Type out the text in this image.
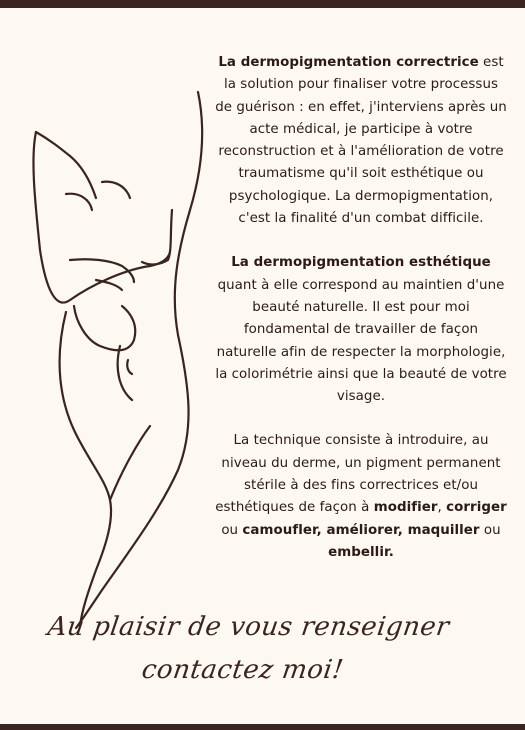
La dermopigmentation correctrice est la solution pour finaliser votre processus de guérison : en effet, j'interviens après un acte médical, je participe à votre reconstruction et à l'amélioration de votre traumatisme qu'il soit esthétique ou psychologique. La dermopigmentation, c'est la finalité d'un combat difficile.

La dermopigmentation esthétique quant à elle correspond au maintien d'une beauté naturelle. Il est pour moi fondamental de travailler de façon naturelle afin de respecter la morphologie, la colorimétrie ainsi que la beauté de votre visage.

La technique consiste à introduire, au niveau du derme, un pigment permanent stérile à des fins correctrices et/ou esthétiques de façon à modifier, corriger ou camoufler, améliorer, maquiller ou embellir.

Au plaisir de vous renseigner
contactez moi!
